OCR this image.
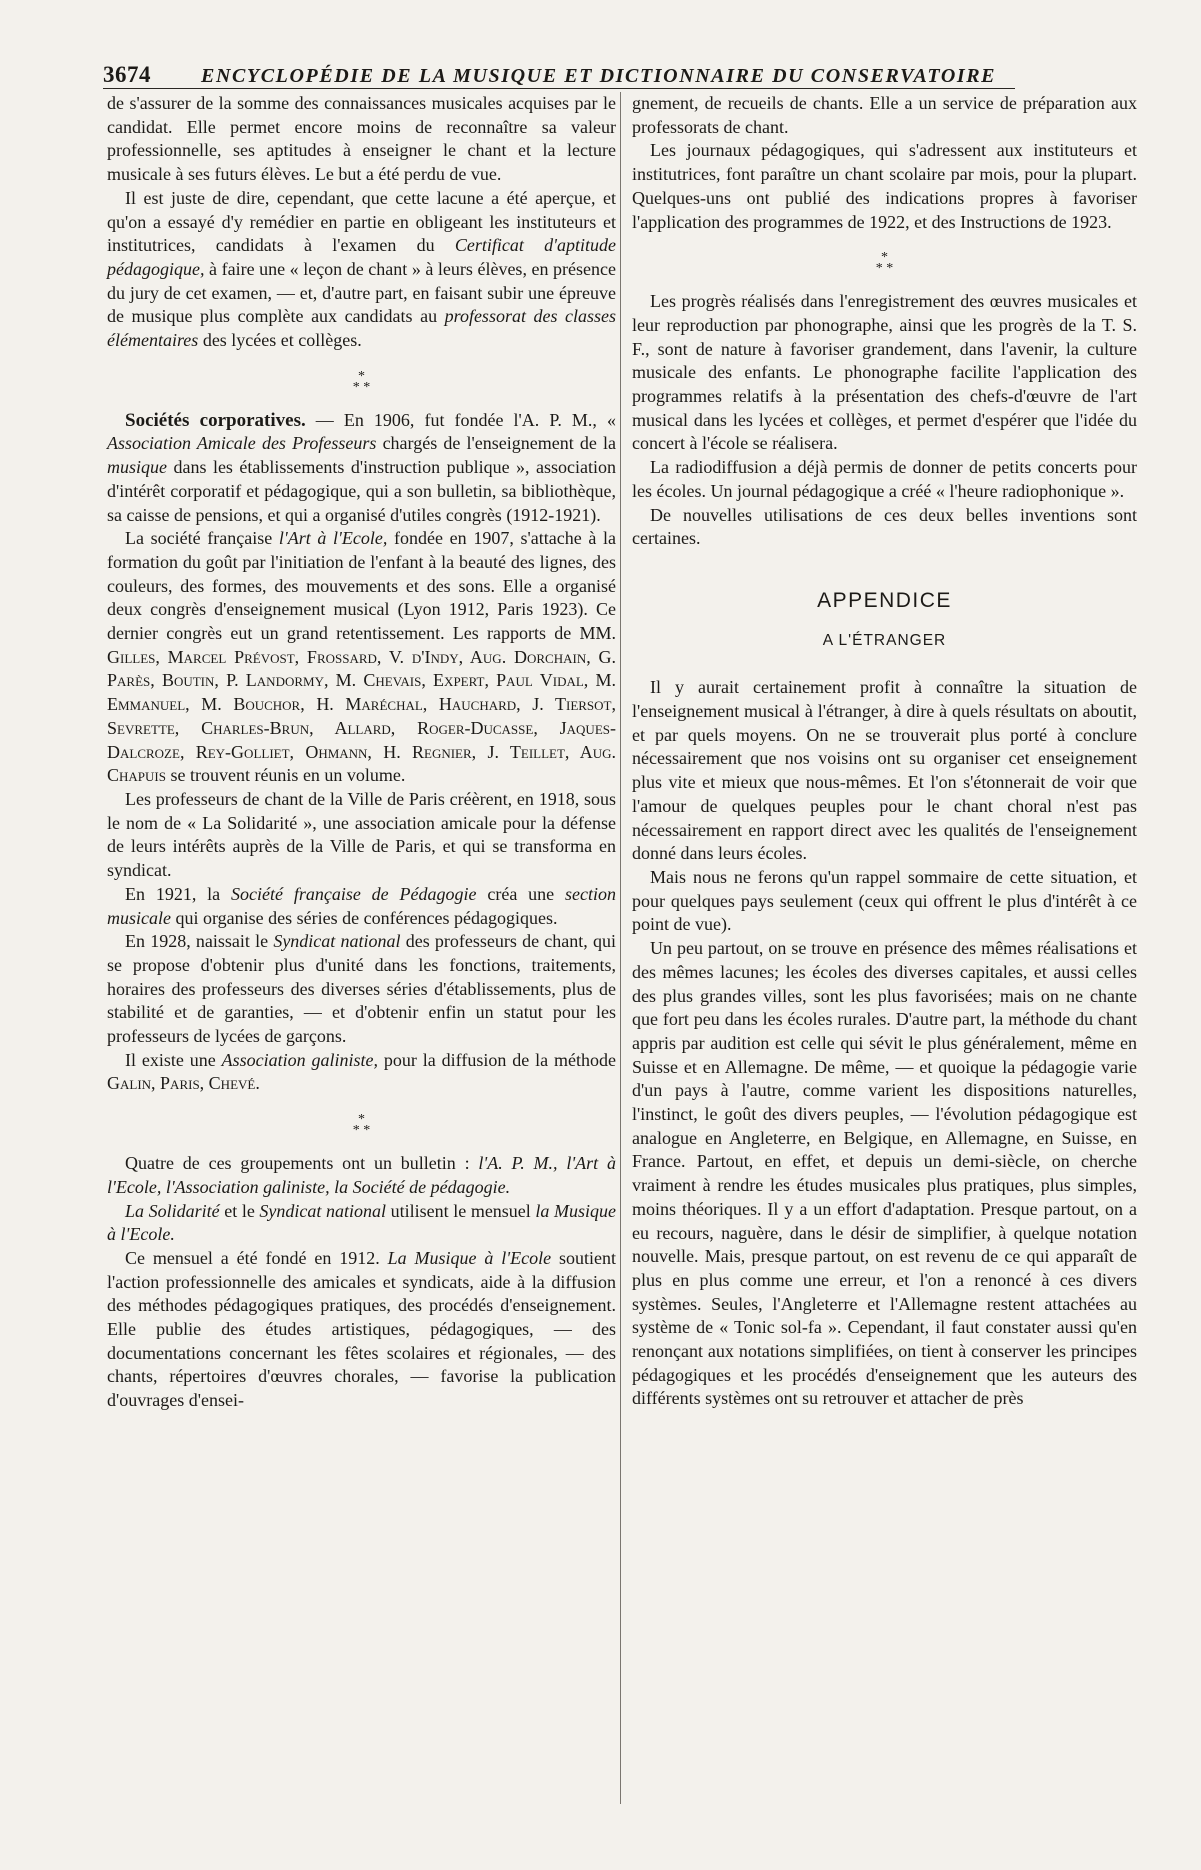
3674	ENCYCLOPÉDIE DE LA MUSIQUE ET DICTIONNAIRE DU CONSERVATOIRE

de s'assurer de la somme des connaissances musicales acquises par le candidat. Elle permet encore moins de reconnaître sa valeur professionnelle, ses aptitudes à enseigner le chant et la lecture musicale à ses futurs élèves. Le but a été perdu de vue.

Il est juste de dire, cependant, que cette lacune a été aperçue, et qu'on a essayé d'y remédier en partie en obligeant les instituteurs et institutrices, candidats à l'examen du Certificat d'aptitude pédagogique, à faire une « leçon de chant » à leurs élèves, en présence du jury de cet examen, — et, d'autre part, en faisant subir une épreuve de musique plus complète aux candidats au professorat des classes élémentaires des lycées et collèges.

*
* *

Sociétés corporatives. — En 1906, fut fondée l'A. P. M., « Association Amicale des Professeurs chargés de l'enseignement de la musique dans les établissements d'instruction publique », association d'intérêt corporatif et pédagogique, qui a son bulletin, sa bibliothèque, sa caisse de pensions, et qui a organisé d'utiles congrès (1912-1921).

La société française l'Art à l'Ecole, fondée en 1907, s'attache à la formation du goût par l'initiation de l'enfant à la beauté des lignes, des couleurs, des formes, des mouvements et des sons. Elle a organisé deux congrès d'enseignement musical (Lyon 1912, Paris 1923). Ce dernier congrès eut un grand retentissement. Les rapports de MM. Gilles, Marcel Prévost, Frossard, V. d'Indy, Aug. Dorchain, G. Parès, Boutin, P. Landormy, M. Chevais, Expert, Paul Vidal, M. Emmanuel, M. Bouchor, H. Maréchal, Hauchard, J. Tiersot, Sevrette, Charles-Brun, Allard, Roger-Ducasse, Jaques-Dalcroze, Rey-Golliet, Ohmann, H. Regnier, J. Teillet, Aug. Chapuis se trouvent réunis en un volume.

Les professeurs de chant de la Ville de Paris créèrent, en 1918, sous le nom de « La Solidarité », une association amicale pour la défense de leurs intérêts auprès de la Ville de Paris, et qui se transforma en syndicat.

En 1921, la Société française de Pédagogie créa une section musicale qui organise des séries de conférences pédagogiques.

En 1928, naissait le Syndicat national des professeurs de chant, qui se propose d'obtenir plus d'unité dans les fonctions, traitements, horaires des professeurs des diverses séries d'établissements, plus de stabilité et de garanties, — et d'obtenir enfin un statut pour les professeurs de lycées de garçons.

Il existe une Association galiniste, pour la diffusion de la méthode Galin, Paris, Chevé.

*
* *

Quatre de ces groupements ont un bulletin : l'A. P. M., l'Art à l'Ecole, l'Association galiniste, la Société de pédagogie.

La Solidarité et le Syndicat national utilisent le mensuel la Musique à l'Ecole.

Ce mensuel a été fondé en 1912. La Musique à l'Ecole soutient l'action professionnelle des amicales et syndicats, aide à la diffusion des méthodes pédagogiques pratiques, des procédés d'enseignement. Elle publie des études artistiques, pédagogiques, — des documentations concernant les fêtes scolaires et régionales, — des chants, répertoires d'œuvres chorales, — favorise la publication d'ouvrages d'ensei-

gnement, de recueils de chants. Elle a un service de préparation aux professorats de chant.

Les journaux pédagogiques, qui s'adressent aux instituteurs et institutrices, font paraître un chant scolaire par mois, pour la plupart. Quelques-uns ont publié des indications propres à favoriser l'application des programmes de 1922, et des Instructions de 1923.

*
* *

Les progrès réalisés dans l'enregistrement des œuvres musicales et leur reproduction par phonographe, ainsi que les progrès de la T. S. F., sont de nature à favoriser grandement, dans l'avenir, la culture musicale des enfants. Le phonographe facilite l'application des programmes relatifs à la présentation des chefs-d'œuvre de l'art musical dans les lycées et collèges, et permet d'espérer que l'idée du concert à l'école se réalisera.

La radiodiffusion a déjà permis de donner de petits concerts pour les écoles. Un journal pédagogique a créé « l'heure radiophonique ».

De nouvelles utilisations de ces deux belles inventions sont certaines.

APPENDICE
A L'ÉTRANGER

Il y aurait certainement profit à connaître la situation de l'enseignement musical à l'étranger, à dire à quels résultats on aboutit, et par quels moyens. On ne se trouverait plus porté à conclure nécessairement que nos voisins ont su organiser cet enseignement plus vite et mieux que nous-mêmes. Et l'on s'étonnerait de voir que l'amour de quelques peuples pour le chant choral n'est pas nécessairement en rapport direct avec les qualités de l'enseignement donné dans leurs écoles.

Mais nous ne ferons qu'un rappel sommaire de cette situation, et pour quelques pays seulement (ceux qui offrent le plus d'intérêt à ce point de vue).

Un peu partout, on se trouve en présence des mêmes réalisations et des mêmes lacunes; les écoles des diverses capitales, et aussi celles des plus grandes villes, sont les plus favorisées; mais on ne chante que fort peu dans les écoles rurales. D'autre part, la méthode du chant appris par audition est celle qui sévit le plus généralement, même en Suisse et en Allemagne. De même, — et quoique la pédagogie varie d'un pays à l'autre, comme varient les dispositions naturelles, l'instinct, le goût des divers peuples, — l'évolution pédagogique est analogue en Angleterre, en Belgique, en Allemagne, en Suisse, en France. Partout, en effet, et depuis un demi-siècle, on cherche vraiment à rendre les études musicales plus pratiques, plus simples, moins théoriques. Il y a un effort d'adaptation. Presque partout, on a eu recours, naguère, dans le désir de simplifier, à quelque notation nouvelle. Mais, presque partout, on est revenu de ce qui apparaît de plus en plus comme une erreur, et l'on a renoncé à ces divers systèmes. Seules, l'Angleterre et l'Allemagne restent attachées au système de « Tonic sol-fa ». Cependant, il faut constater aussi qu'en renonçant aux notations simplifiées, on tient à conserver les principes pédagogiques et les procédés d'enseignement que les auteurs des différents systèmes ont su retrouver et attacher de près
